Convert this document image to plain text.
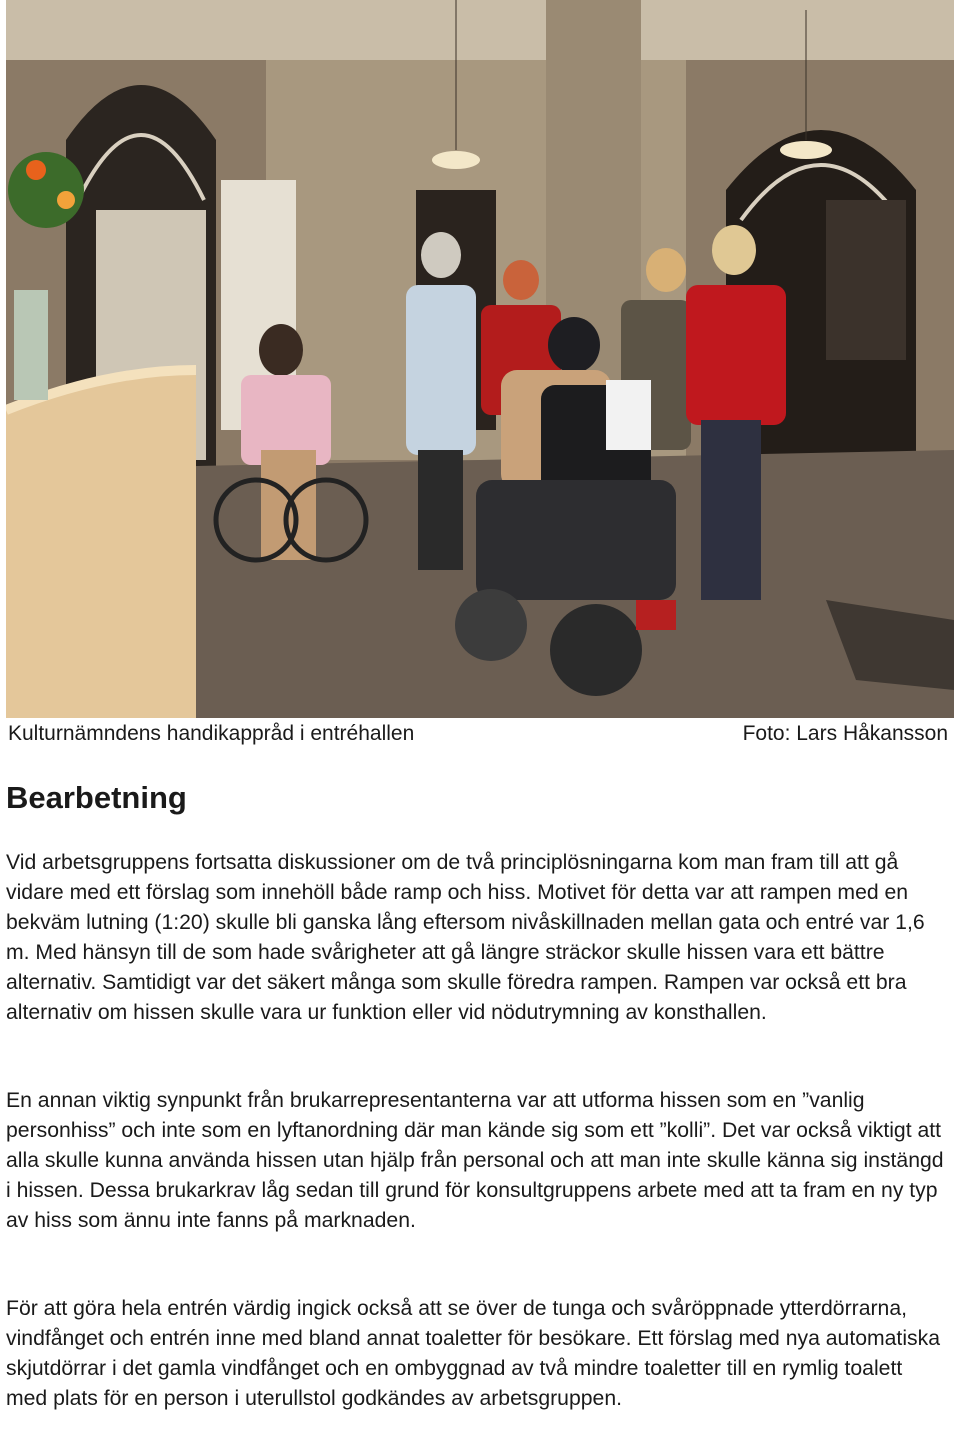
Kulturnämndens handikappråd i entréhallen	Foto: Lars Håkansson
Bearbetning

Vid arbetsgruppens fortsatta diskussioner om de två principlösningarna kom man fram till att gå vidare med ett förslag som innehöll både ramp och hiss. Motivet för detta var att rampen med en bekväm lutning (1:20) skulle bli ganska lång eftersom nivåskillnaden mellan gata och entré var 1,6 m. Med hänsyn till de som hade svårigheter att gå längre sträckor skulle hissen vara ett bättre alternativ. Samtidigt var det säkert många som skulle föredra rampen. Rampen var också ett bra alternativ om hissen skulle vara ur funktion eller vid nödutrymning av konsthallen.

En annan viktig synpunkt från brukarrepresentanterna var att utforma hissen som en ”vanlig personhiss” och inte som en lyftanordning där man kände sig som ett ”kolli”. Det var också viktigt att alla skulle kunna använda hissen utan hjälp från personal och att man inte skulle känna sig instängd i hissen. Dessa brukarkrav låg sedan till grund för konsultgruppens arbete med att ta fram en ny typ av hiss som ännu inte fanns på marknaden.

För att göra hela entrén värdig ingick också att se över de tunga och svåröppnade ytterdörrarna, vindfånget och entrén inne med bland annat toaletter för besökare. Ett förslag med nya automatiska skjutdörrar i det gamla vindfånget och en ombyggnad av två mindre toaletter till en rymlig toalett med plats för en person i uterullstol godkändes av arbetsgruppen.
